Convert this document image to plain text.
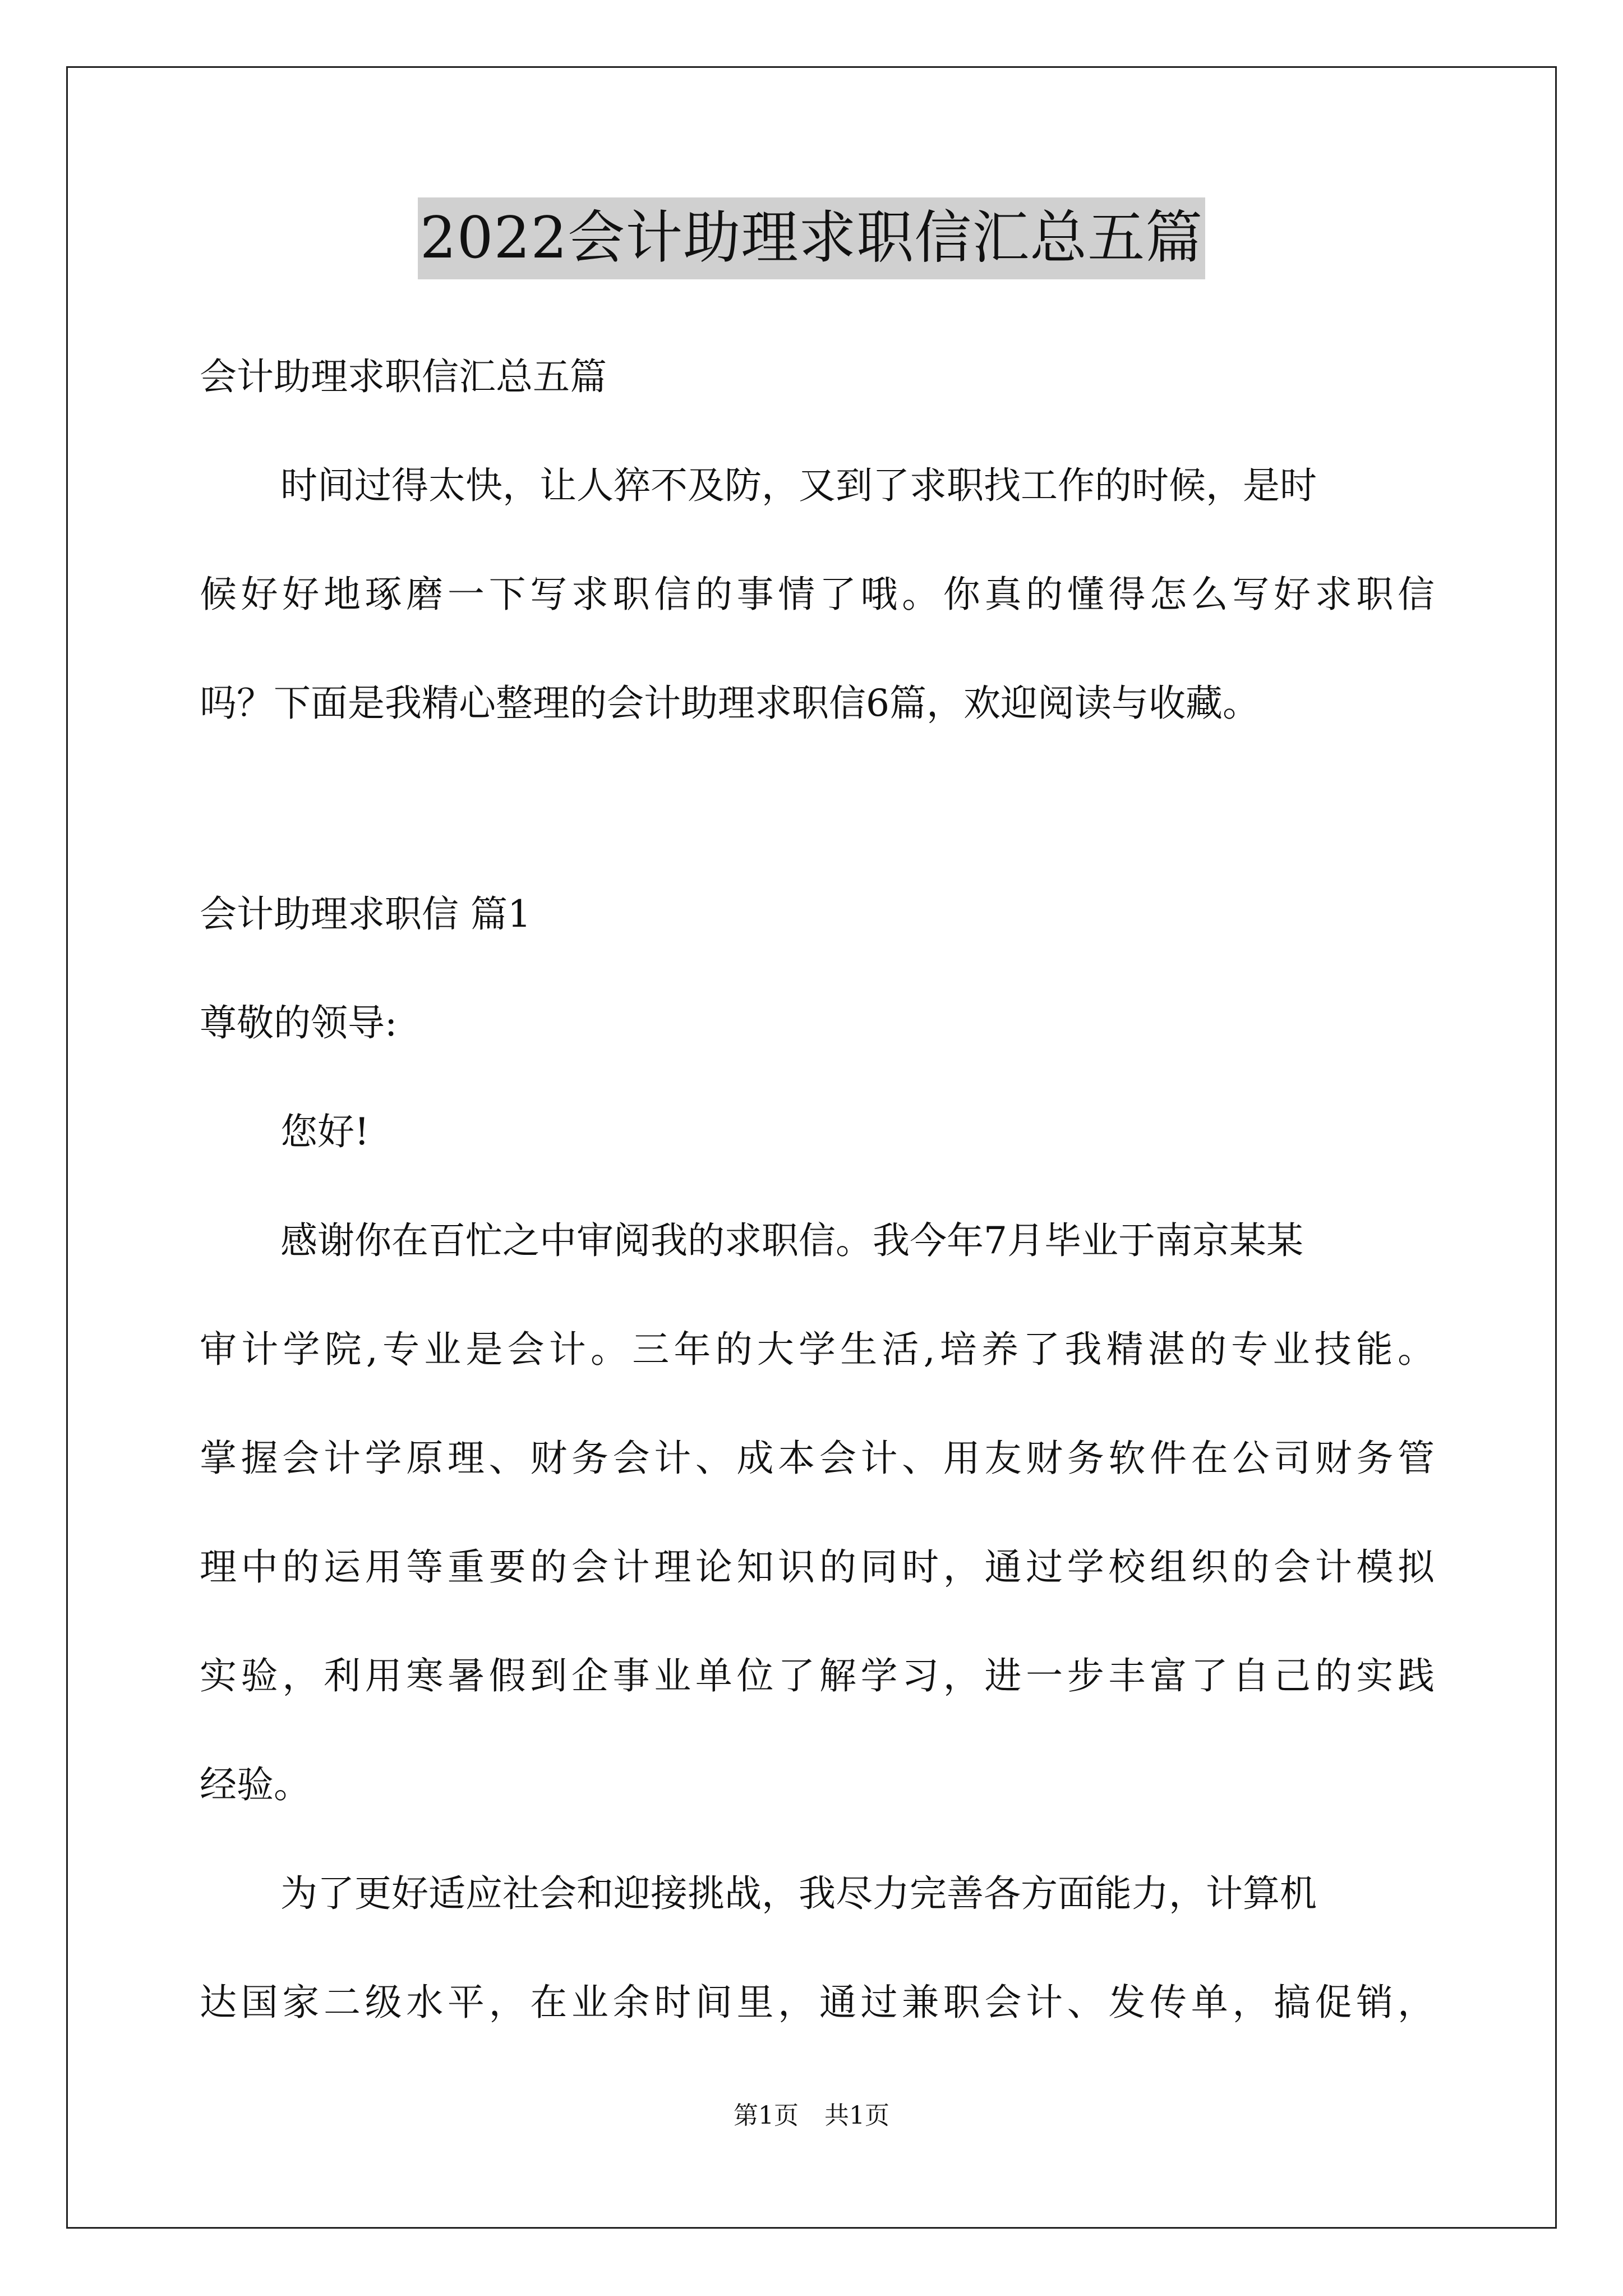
2022会计助理求职信汇总五篇
会计助理求职信汇总五篇
时间过得太快，让人猝不及防，又到了求职找工作的时候，是时
候好好地琢磨一下写求职信的事情了哦。你真的懂得怎么写好求职信
吗？下面是我精心整理的会计助理求职信6篇，欢迎阅读与收藏。
会计助理求职信 篇1
尊敬的领导:
您好!
感谢你在百忙之中审阅我的求职信。我今年7月毕业于南京某某
审计学院,专业是会计。三年的大学生活,培养了我精湛的专业技能。
掌握会计学原理、财务会计、成本会计、用友财务软件在公司财务管
理中的运用等重要的会计理论知识的同时，通过学校组织的会计模拟
实验，利用寒暑假到企事业单位了解学习，进一步丰富了自己的实践
经验。
为了更好适应社会和迎接挑战，我尽力完善各方面能力，计算机
达国家二级水平，在业余时间里，通过兼职会计、发传单，搞促销，
第1页 共1页
